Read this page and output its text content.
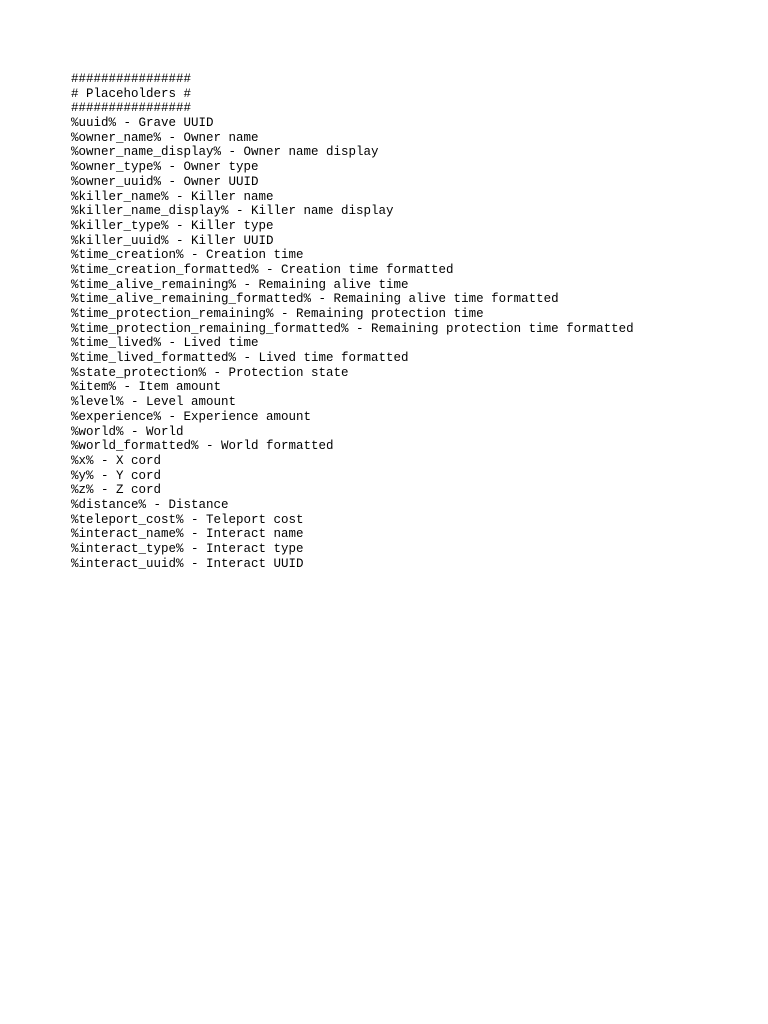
################
# Placeholders #
################
%uuid% - Grave UUID
%owner_name% - Owner name
%owner_name_display% - Owner name display
%owner_type% - Owner type
%owner_uuid% - Owner UUID
%killer_name% - Killer name
%killer_name_display% - Killer name display
%killer_type% - Killer type
%killer_uuid% - Killer UUID
%time_creation% - Creation time
%time_creation_formatted% - Creation time formatted
%time_alive_remaining% - Remaining alive time
%time_alive_remaining_formatted% - Remaining alive time formatted
%time_protection_remaining% - Remaining protection time
%time_protection_remaining_formatted% - Remaining protection time formatted
%time_lived% - Lived time
%time_lived_formatted% - Lived time formatted
%state_protection% - Protection state
%item% - Item amount
%level% - Level amount
%experience% - Experience amount
%world% - World
%world_formatted% - World formatted
%x% - X cord
%y% - Y cord
%z% - Z cord
%distance% - Distance
%teleport_cost% - Teleport cost
%interact_name% - Interact name
%interact_type% - Interact type
%interact_uuid% - Interact UUID
